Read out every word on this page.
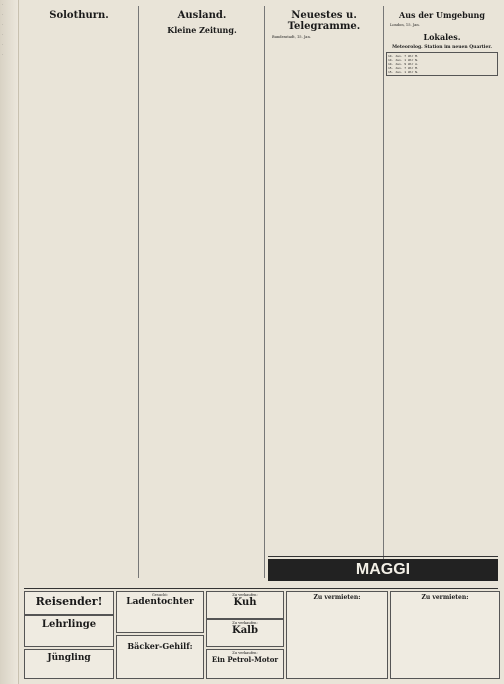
·
·
·
·
·
·

Solothurn.	Ausland.

Kleine Zeitung.

Neuestes u. Telegramme.

Bundesstadt, 15. Jan.

Aus der Umgebung

London, 15. Jan.

Lokales.

Meteorolog. Station im neuen Quartier.
14. Jan. 7 Uhr M.
14. Jan. 1 Uhr N.
14. Jan. 9 Uhr A.
15. Jan. 7 Uhr M.
15. Jan. 1 Uhr N.

MAGGI
Reisender!
Lehrlinge
Jüngling
Gesucht:
Ladentochter
Bäcker-Gehilf:
Zu verkaufen:
Kuh
Zu verkaufen:
Kalb
Zu verkaufen:
Ein Petrol-Motor
Zu vermieten:	Zu vermieten:
